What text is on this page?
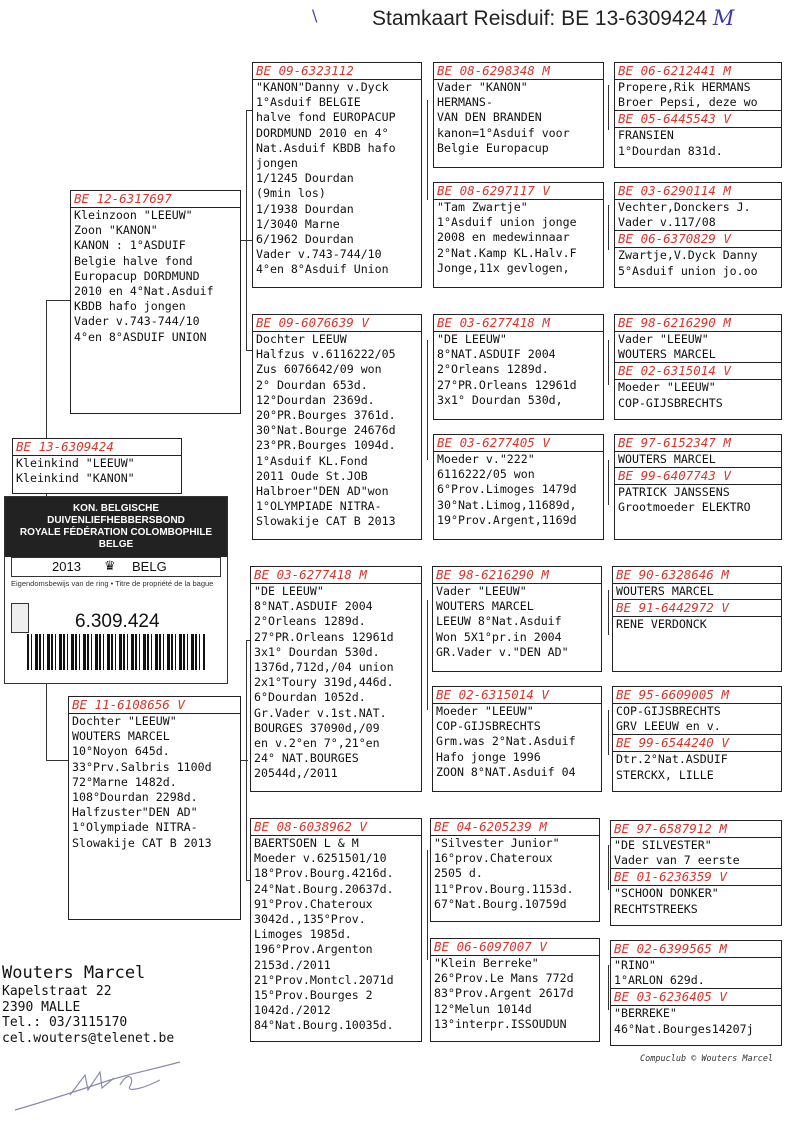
\	Stamkaart Reisduif: BE 13-6309424 M
BE 13-6309424
Kleinkind "LEEUW"
Kleinkind "KANON"
BE 12-6317697
Kleinzoon "LEEUW"
Zoon "KANON"
KANON : 1°ASDUIF
Belgie halve fond
Europacup DORDMUND
2010 en 4°Nat.Asduif
KBDB hafo jongen
Vader v.743-744/10
4°en 8°ASDUIF UNION
KON. BELGISCHE DUIVENLIEFHEBBERSBOND
ROYALE FÉDÉRATION COLOMBOPHILE BELGE
2013 ♛ BELG
Eigendomsbewijs van de ring • Titre de propriété de la bague
6.309.424
BE 11-6108656 V
Dochter "LEEUW"
WOUTERS MARCEL
10°Noyon 645d.
33°Prv.Salbris 1100d
72°Marne 1482d.
108°Dourdan 2298d.
Halfzuster"DEN AD"
1°Olympiade NITRA-
Slowakije CAT B 2013
BE 09-6323112
"KANON"Danny v.Dyck
1°Asduif BELGIE
halve fond EUROPACUP
DORDMUND 2010 en 4°
Nat.Asduif KBDB hafo
jongen
1/1245 Dourdan
(9min los)
1/1938 Dourdan
1/3040 Marne
6/1962 Dourdan
Vader v.743-744/10
4°en 8°Asduif Union
BE 09-6076639 V
Dochter LEEUW
Halfzus v.6116222/05
Zus 6076642/09 won
2° Dourdan 653d.
12°Dourdan 2369d.
20°PR.Bourges 3761d.
30°Nat.Bourge 24676d
23°PR.Bourges 1094d.
1°Asduif KL.Fond
2011 Oude St.JOB
Halbroer"DEN AD"won
1°OLYMPIADE NITRA-
Slowakije CAT B 2013
BE 03-6277418 M
"DE LEEUW"
8°NAT.ASDUIF 2004
2°Orleans 1289d.
27°PR.Orleans 12961d
3x1° Dourdan 530d.
1376d,712d,/04 union
2x1°Toury 319d,446d.
6°Dourdan 1052d.
Gr.Vader v.1st.NAT.
BOURGES 37090d,/09
en v.2°en 7°,21°en
24° NAT.BOURGES
20544d,/2011
BE 08-6038962 V
BAERTSOEN L & M
Moeder v.6251501/10
18°Prov.Bourg.4216d.
24°Nat.Bourg.20637d.
91°Prov.Chateroux
3042d.,135°Prov.
Limoges 1985d.
196°Prov.Argenton
2153d./2011
21°Prov.Montcl.2071d
15°Prov.Bourges 2
1042d./2012
84°Nat.Bourg.10035d.
BE 08-6298348 M
Vader "KANON"
HERMANS-
VAN DEN BRANDEN
kanon=1°Asduif voor
Belgie Europacup
BE 08-6297117 V
"Tam Zwartje"
1°Asduif union jonge
2008 en medewinnaar
2°Nat.Kamp KL.Halv.F
Jonge,11x gevlogen,
BE 03-6277418 M
"DE LEEUW"
8°NAT.ASDUIF 2004
2°Orleans 1289d.
27°PR.Orleans 12961d
3x1° Dourdan 530d,
BE 03-6277405 V
Moeder v."222"
6116222/05 won
6°Prov.Limoges 1479d
30°Nat.Limog,11689d,
19°Prov.Argent,1169d
BE 98-6216290 M
Vader "LEEUW"
WOUTERS MARCEL
LEEUW 8°Nat.Asduif
Won 5X1°pr.in 2004
GR.Vader v."DEN AD"
BE 02-6315014 V
Moeder "LEEUW"
COP-GIJSBRECHTS
Grm.was 2°Nat.Asduif
Hafo jonge 1996
ZOON 8°NAT.Asduif 04
BE 04-6205239 M
"Silvester Junior"
16°prov.Chateroux
2505 d.
11°Prov.Bourg.1153d.
67°Nat.Bourg.10759d
BE 06-6097007 V
"Klein Berreke"
26°Prov.Le Mans 772d
83°Prov.Argent 2617d
12°Melun 1014d
13°interpr.ISSOUDUN
BE 06-6212441 M
Propere,Rik HERMANS
Broer Pepsi, deze wo
BE 05-6445543 V
FRANSIEN
1°Dourdan 831d.
BE 03-6290114 M
Vechter,Donckers J.
Vader v.117/08
BE 06-6370829 V
Zwartje,V.Dyck Danny
5°Asduif union jo.oo
BE 98-6216290 M
Vader "LEEUW"
WOUTERS MARCEL
BE 02-6315014 V
Moeder "LEEUW"
COP-GIJSBRECHTS
BE 97-6152347 M
WOUTERS MARCEL
BE 99-6407743 V
PATRICK JANSSENS
Grootmoeder ELEKTRO
BE 90-6328646 M
WOUTERS MARCEL
BE 91-6442972 V
RENE VERDONCK
BE 95-6609005 M
COP-GIJSBRECHTS
GRV LEEUW en v.
BE 99-6544240 V
Dtr.2°Nat.ASDUIF
STERCKX, LILLE
BE 97-6587912 M
"DE SILVESTER"
Vader van 7 eerste
BE 01-6236359 V
"SCHOON DONKER"
RECHTSTREEKS
BE 02-6399565 M
"RINO"
1°ARLON 629d.
BE 03-6236405 V
"BERREKE"
46°Nat.Bourges14207j
Wouters Marcel
Kapelstraat 22
2390 MALLE
Tel.: 03/3115170
cel.wouters@telenet.be
Compuclub © Wouters Marcel
